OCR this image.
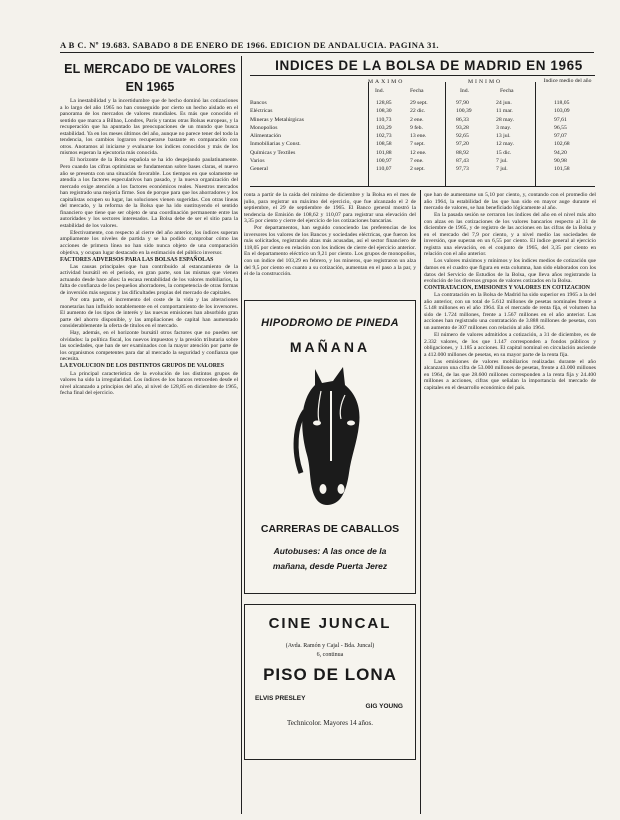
A B C. Nº 19.683. SABADO 8 DE ENERO DE 1966. EDICION DE ANDALUCIA. PAGINA 31.
EL MERCADO DE VALORES
EN 1965

La inestabilidad y la incertidumbre que de hecho dominó las cotizaciones a lo largo del año 1965 no han conseguido por cierto un hecho aislado en el panorama de los mercados de valores mundiales. Es más que conocido el sentido que marca a Bilbao, Londres, París y tantas otras Bolsas europeas, y la recuperación que ha apuntado las preocupaciones de un mundo que busca estabilidad. Ya en los meses últimos del año, aunque no parece tener del todo la tendencia, los cambios lograron recuperarse bastante en comparación con otros. Anotamos al iniciarse y evaluarse los índices conocidos y más de los mismos esperan la ejecutoria más conocida.

El horizonte de la Bolsa española se ha ido despejando paulatinamente. Pero cuando las cifras optimistas se fundamentan sobre bases claras, el nuevo año se presenta con una situación favorable. Los tiempos en que solamente se atendía a los factores especulativos han pasado, y la nueva organización del mercado exige atención a los factores económicos reales. Nuestros mercados han registrado una mejoría firme. Son de porque para que los ahorradores y los capitalistas ocupen su lugar, las soluciones vienen sugeridas. Con otras líneas del mercado, y la reforma de la Bolsa que ha ido sustituyendo el sentido financiero que tiene que ser objeto de una coordinación permanente entre las autoridades y los sectores interesados. La Bolsa debe de ser el sitio para la estabilidad de los valores.

Efectivamente, con respecto al cierre del año anterior, los índices superan ampliamente los niveles de partida y se ha podido comprobar cómo las acciones de primera línea no han sido nunca objeto de una comparación objetiva, y ocupan lugar destacado en la estimación del público inversor.

FACTORES ADVERSOS PARA LAS BOLSAS ESPAÑOLAS

Las causas principales que han contribuido al estancamiento de la actividad bursátil en el periodo, en gran parte, son las mismas que vienen actuando desde hace años: la escasa rentabilidad de los valores mobiliarios, la falta de confianza de los pequeños ahorradores, la competencia de otras formas de inversión más seguras y las dificultades propias del mercado de capitales.

Por otra parte, el incremento del coste de la vida y las alteraciones monetarias han influido notablemente en el comportamiento de los inversores. El aumento de los tipos de interés y las nuevas emisiones han absorbido gran parte del ahorro disponible, y las ampliaciones de capital han aumentado considerablemente la oferta de títulos en el mercado.

Hay, además, en el horizonte bursátil otros factores que no pueden ser olvidados: la política fiscal, los nuevos impuestos y la presión tributaria sobre las sociedades, que han de ser examinados con la mayor atención por parte de los organismos competentes para dar al mercado la seguridad y confianza que necesita.

LA EVOLUCION DE LOS DISTINTOS GRUPOS DE VALORES

La principal característica de la evolución de los distintos grupos de valores ha sido la irregularidad. Los índices de los bancos retroceden desde el nivel alcanzado a principios del año, al nivel de 128,85 en diciembre de 1965, fecha final del ejercicio.

INDICES DE LA BOLSA DE MADRID EN 1965
MAXIMO	MINIMO	Indice medio del año
Ind.	Fecha	Ind.	Fecha
Bancos	128,85	29 sept.	97,90	24 jun.	118,05
Eléctricas	108,30	22 dic.	100,39	11 mar.	103,09
Mineras y Metalúrgicas	110,73	2 ene.	86,33	28 may.	97,61
Monopolios	103,29	9 feb.	93,28	3 may.	96,55
Alimentación	102,73	13 ene.	92,65	13 jul.	97,07
Inmobiliarias y Const.	108,58	7 sept.	97,20	12 may.	102,68
Químicas y Textiles	101,88	12 ene.	88,92	15 dic.	94,20
Varios	100,97	7 ene.	87,43	7 jul.	90,98
General	110,07	2 sept.	97,73	7 jul.	101,58

ronta a partir de la caída del mínimo de diciembre y la Bolsa en el mes de julio, para registrar un máximo del ejercicio, que fue alcanzado el 2 de septiembre, el 29 de septiembre de 1965. El Banco general mostró la tendencia de Emisión de 108,62 y 110,07 para registrar una elevación del 3,35 por ciento y cierre del ejercicio de los cotizaciones bancarias.

Por departamentos, han seguido conociendo las preferencias de los inversores los valores de los Bancos y sociedades eléctricas, que fueron los más solicitados, registrando alzas más acusadas, así el sector financiero de 118,05 por ciento en relación con los índices de cierre del ejercicio anterior. En el departamento eléctrico un 9,21 por ciento. Los grupos de monopolios, con un índice del 103,29 en febrero, y los mineros, que registraron un alza del 9,5 por ciento en cuanto a su cotización, aumentan en el paso a la par, y el de la construcción.

que han de aumentarse un 5,10 por ciento, y, contando con el promedio del año 1964, la estabilidad de las que han sido en mayor auge durante el mercado de valores, se han beneficiado lógicamente al año.

En la pasada sesión se cerraron los índices del año en el nivel más alto con alzas en las cotizaciones de los valores bancarios respecto al 31 de diciembre de 1965, y de registro de las acciones en las cifras de la Bolsa y en el mercado del 7,9 por ciento, y a nivel medio las sociedades de inversión, que superan en un 6,55 por ciento. El índice general al ejercicio registra una elevación, en el conjunto de 1965, del 3,35 por ciento en relación con el año anterior.

Los valores máximos y mínimos y los índices medios de cotización que damos en el cuadro que figura en esta columna, han sido elaborados con los datos del Servicio de Estudios de la Bolsa, que lleva años registrando la evolución de los diversos grupos de valores cotizados en la Bolsa.

CONTRATACION, EMISIONES Y VALORES EN COTIZACION

La contratación en la Bolsa de Madrid ha sido superior en 1965 a la del año anterior, con un total de 5.612 millones de pesetas nominales frente a 5.148 millones en el año 1964. En el mercado de renta fija, el volumen ha sido de 1.724 millones, frente a 1.567 millones en el año anterior. Las acciones han registrado una contratación de 3.888 millones de pesetas, con un aumento de 307 millones con relación al año 1964.

El número de valores admitidos a cotización, a 31 de diciembre, es de 2.332 valores, de los que 1.147 corresponden a fondos públicos y obligaciones, y 1.185 a acciones. El capital nominal en circulación asciende a 412.000 millones de pesetas, en su mayor parte de la renta fija.

Las emisiones de valores mobiliarios realizadas durante el año alcanzaron una cifra de 53.000 millones de pesetas, frente a 43.000 millones en 1964, de las que 28.600 millones corresponden a la renta fija y 24.400 millones a acciones, cifras que señalan la importancia del mercado de capitales en el desarrollo económico del país.

HIPODROMO DE PINEDA
MAÑANA
CARRERAS DE CABALLOS
Autobuses: A las once de la
mañana, desde Puerta Jerez
CINE JUNCAL
(Avda. Ramón y Cajal - Bda. Juncal)
6, continua
PISO DE LONA
ELVIS PRESLEY
GIG YOUNG
Technicolor. Mayores 14 años.
